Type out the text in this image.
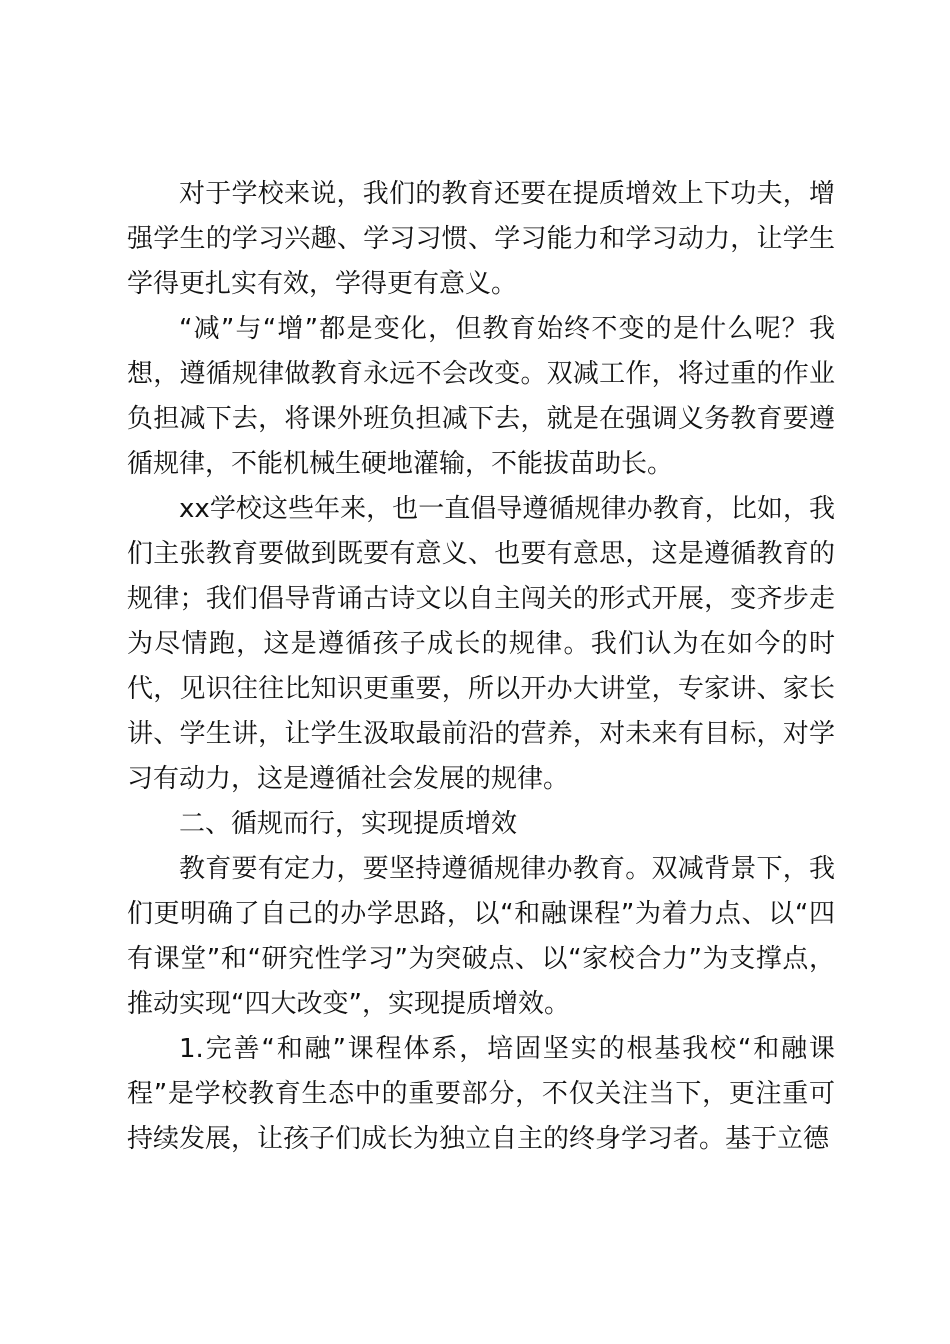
对于学校来说，我们的教育还要在提质增效上下功夫，增强学生的学习兴趣、学习习惯、学习能力和学习动力，让学生学得更扎实有效，学得更有意义。

“减”与“增”都是变化，但教育始终不变的是什么呢？我想，遵循规律做教育永远不会改变。双减工作，将过重的作业负担减下去，将课外班负担减下去，就是在强调义务教育要遵循规律，不能机械生硬地灌输，不能拔苗助长。

xx学校这些年来，也一直倡导遵循规律办教育，比如，我们主张教育要做到既要有意义、也要有意思，这是遵循教育的规律；我们倡导背诵古诗文以自主闯关的形式开展，变齐步走为尽情跑，这是遵循孩子成长的规律。我们认为在如今的时代，见识往往比知识更重要，所以开办大讲堂，专家讲、家长讲、学生讲，让学生汲取最前沿的营养，对未来有目标，对学习有动力，这是遵循社会发展的规律。

二、循规而行，实现提质增效

教育要有定力，要坚持遵循规律办教育。双减背景下，我们更明确了自己的办学思路，以“和融课程”为着力点、以“四有课堂”和“研究性学习”为突破点、以“家校合力”为支撑点，推动实现“四大改变”，实现提质增效。

1.完善“和融”课程体系，培固坚实的根基我校“和融课程”是学校教育生态中的重要部分，不仅关注当下，更注重可持续发展，让孩子们成长为独立自主的终身学习者。基于立德
